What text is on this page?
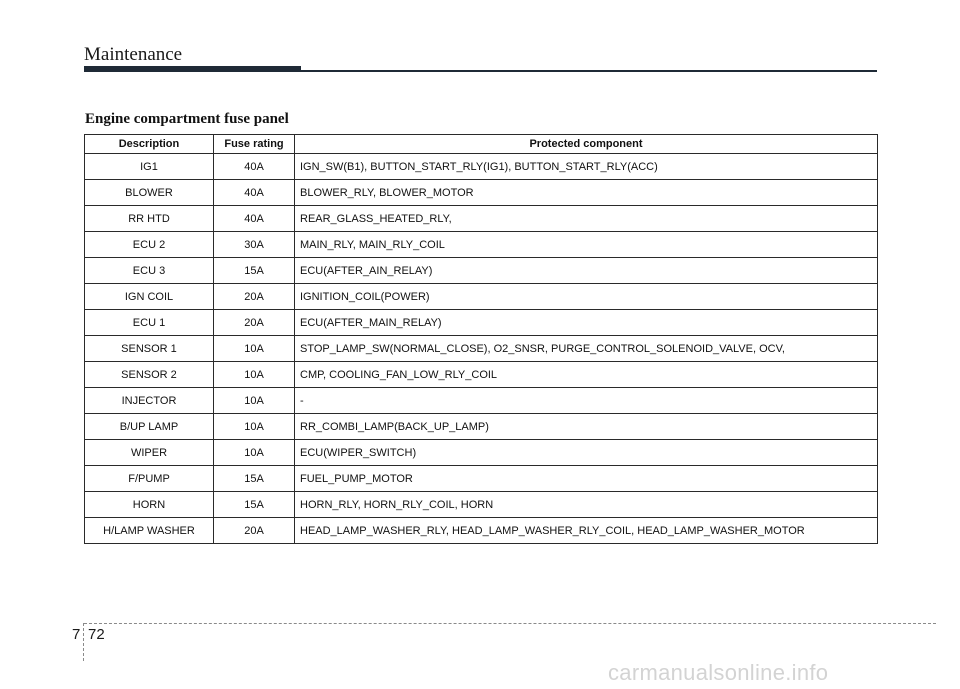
Maintenance
Engine compartment fuse panel
Description	Fuse rating	Protected component
IG1	40A	IGN_SW(B1), BUTTON_START_RLY(IG1), BUTTON_START_RLY(ACC)
BLOWER	40A	BLOWER_RLY, BLOWER_MOTOR
RR HTD	40A	REAR_GLASS_HEATED_RLY,
ECU 2	30A	MAIN_RLY, MAIN_RLY_COIL
ECU 3	15A	ECU(AFTER_AIN_RELAY)
IGN COIL	20A	IGNITION_COIL(POWER)
ECU 1	20A	ECU(AFTER_MAIN_RELAY)
SENSOR 1	10A	STOP_LAMP_SW(NORMAL_CLOSE), O2_SNSR, PURGE_CONTROL_SOLENOID_VALVE, OCV,
SENSOR 2	10A	CMP, COOLING_FAN_LOW_RLY_COIL
INJECTOR	10A	-
B/UP LAMP	10A	RR_COMBI_LAMP(BACK_UP_LAMP)
WIPER	10A	ECU(WIPER_SWITCH)
F/PUMP	15A	FUEL_PUMP_MOTOR
HORN	15A	HORN_RLY, HORN_RLY_COIL, HORN
H/LAMP WASHER	20A	HEAD_LAMP_WASHER_RLY, HEAD_LAMP_WASHER_RLY_COIL, HEAD_LAMP_WASHER_MOTOR
7 72
carmanualsonline.info
